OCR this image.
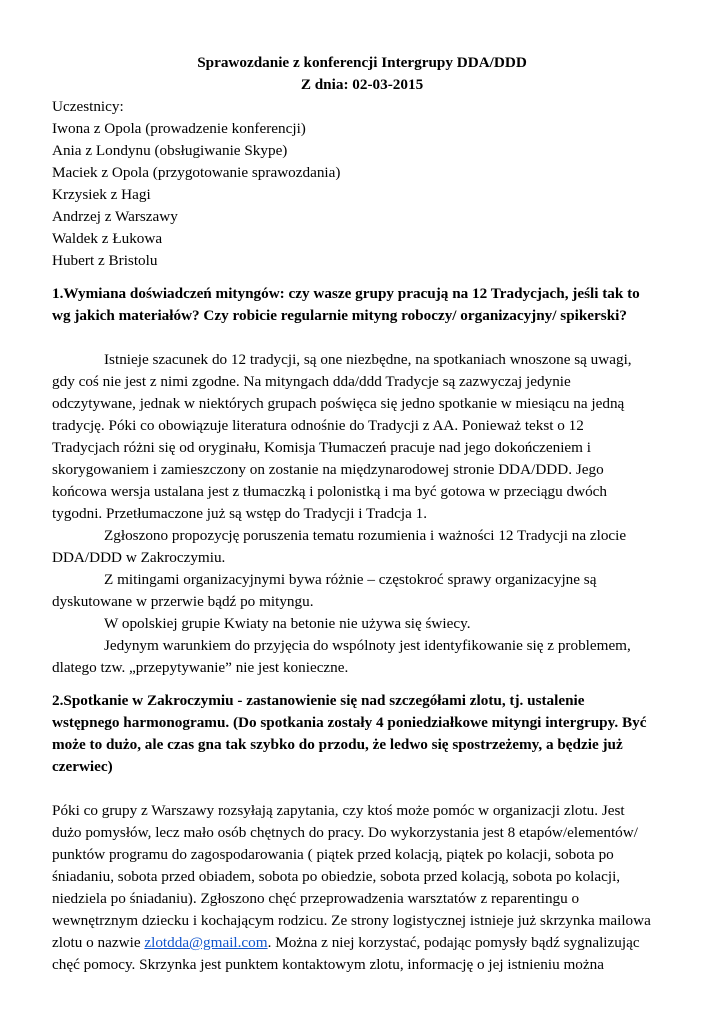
Sprawozdanie z konferencji Intergrupy DDA/DDD
Z dnia: 02-03-2015
Uczestnicy:
Iwona z Opola (prowadzenie konferencji)
Ania z Londynu (obsługiwanie Skype)
Maciek z Opola (przygotowanie sprawozdania)
Krzysiek z Hagi
Andrzej z Warszawy
Waldek z Łukowa
Hubert z Bristolu
1.Wymiana doświadczeń mityngów: czy wasze grupy pracują na 12 Tradycjach, jeśli tak to
wg jakich materiałów? Czy robicie regularnie mityng roboczy/ organizacyjny/ spikerski?
Istnieje szacunek do 12 tradycji, są one niezbędne, na spotkaniach wnoszone są uwagi,
gdy coś nie jest z nimi zgodne. Na mityngach dda/ddd Tradycje są zazwyczaj jedynie
odczytywane, jednak w niektórych grupach poświęca się jedno spotkanie w miesiącu na jedną
tradycję. Póki co obowiązuje literatura odnośnie do Tradycji z AA. Ponieważ tekst o 12
Tradycjach różni się od oryginału, Komisja Tłumaczeń pracuje nad jego dokończeniem i
skorygowaniem i zamieszczony on zostanie na międzynarodowej stronie DDA/DDD. Jego
końcowa wersja ustalana jest z tłumaczką i polonistką i ma być gotowa w przeciągu dwóch
tygodni. Przetłumaczone już są wstęp do Tradycji i Tradcja 1.
Zgłoszono propozycję poruszenia tematu rozumienia i ważności 12 Tradycji na zlocie
DDA/DDD w Zakroczymiu.
Z mitingami organizacyjnymi bywa różnie – częstokroć sprawy organizacyjne są
dyskutowane w przerwie bądź po mityngu.
W opolskiej grupie Kwiaty na betonie nie używa się świecy.
Jedynym warunkiem do przyjęcia do wspólnoty jest identyfikowanie się z problemem,
dlatego tzw. „przepytywanie” nie jest konieczne.
2.Spotkanie w Zakroczymiu - zastanowienie się nad szczegółami zlotu, tj. ustalenie
wstępnego harmonogramu. (Do spotkania zostały 4 poniedziałkowe mityngi intergrupy. Być
może to dużo, ale czas gna tak szybko do przodu, że ledwo się spostrzeżemy, a będzie już
czerwiec)
Póki co grupy z Warszawy rozsyłają zapytania, czy ktoś może pomóc w organizacji zlotu. Jest
dużo pomysłów, lecz mało osób chętnych do pracy. Do wykorzystania jest 8 etapów/elementów/
punktów programu do zagospodarowania ( piątek przed kolacją, piątek po kolacji, sobota po
śniadaniu, sobota przed obiadem, sobota po obiedzie, sobota przed kolacją, sobota po kolacji,
niedziela po śniadaniu). Zgłoszono chęć przeprowadzenia warsztatów z reparentingu o
wewnętrznym dziecku i kochającym rodzicu. Ze strony logistycznej istnieje już skrzynka mailowa
zlotu o nazwie zlotdda@gmail.com. Można z niej korzystać, podając pomysły bądź sygnalizując
chęć pomocy. Skrzynka jest punktem kontaktowym zlotu, informację o jej istnieniu można
